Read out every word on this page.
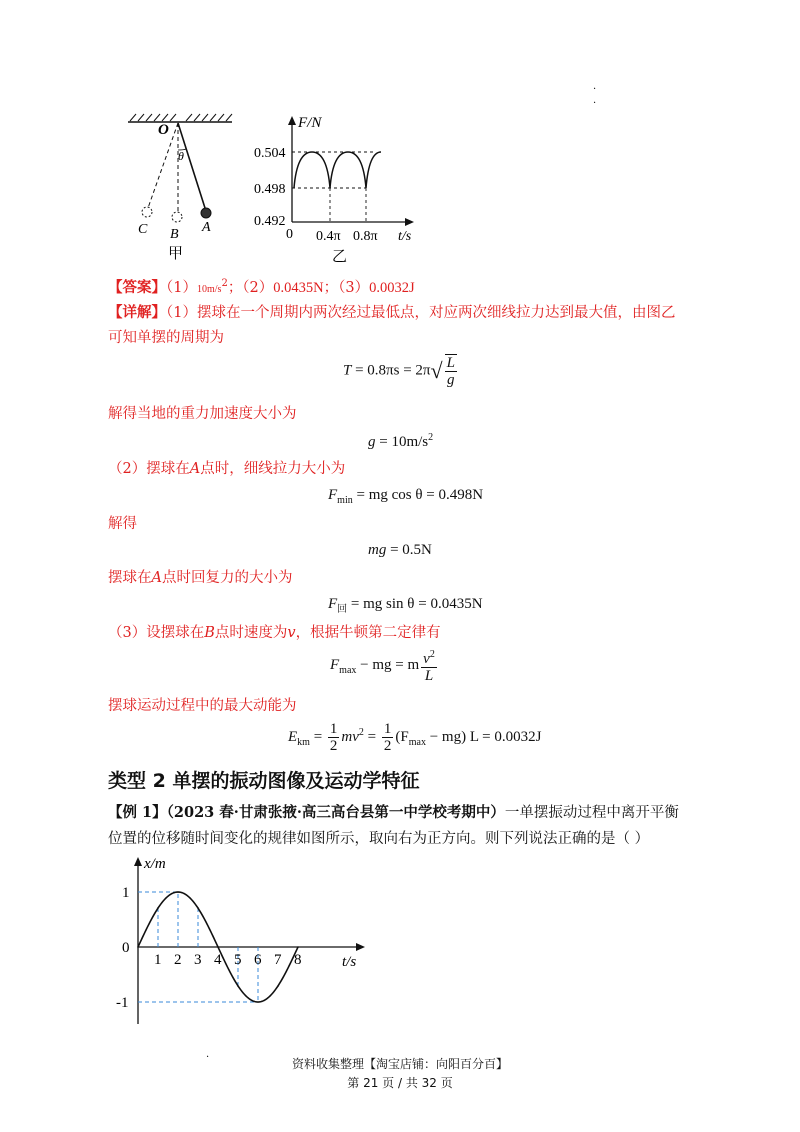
O
θ
A
B
C
甲
F/N
0.504
0.498
0.492
0 0.4π 0.8π t/s
乙
【答案】$(1)10m/s^2$；（2）0.0435N；（3）0.0032J
【详解】（1）摆球在一个周期内两次经过最低点，对应两次细线拉力达到最大值，由图乙
可知单摆的周期为
$T = 0.8\pi s = 2\pi√ \frac{L}{g}$
解得当地的重力加速度大小为
$g = 10m/s^2$
（2）摆球在A点时，细线拉力大小为
$F_{min}$ = mg cos θ = 0.498N
解得
mg = 0.5N
摆球在A点时回复力的大小为
$F_回$ = mg sin θ = 0.0435N
（3）设摆球在B点时速度为v，根据牛顿第二定律有
$F_{max}$ − mg = m $\frac{v^2}{L}$
摆球运动过程中的最大动能为
$E_{km} = \frac{1}{2} mv^2 = \frac{1}{2} (F_{max} - mg) L = 0.0032J$
类型 2 单摆的振动图像及运动学特征
【例 1】（2023 春·甘肃张掖·高三高台县第一中学校考期中）一单摆振动过程中离开平衡
位置的位移随时间变化的规律如图所示，取向右为正方向。则下列说法正确的是（ ）
1 2 3 4 5 6 7 8
1
0
-1
x/m
t/s
·	资料收集整理【淘宝店铺：向阳百分百】
第 21 页 / 共 32 页
·
·
